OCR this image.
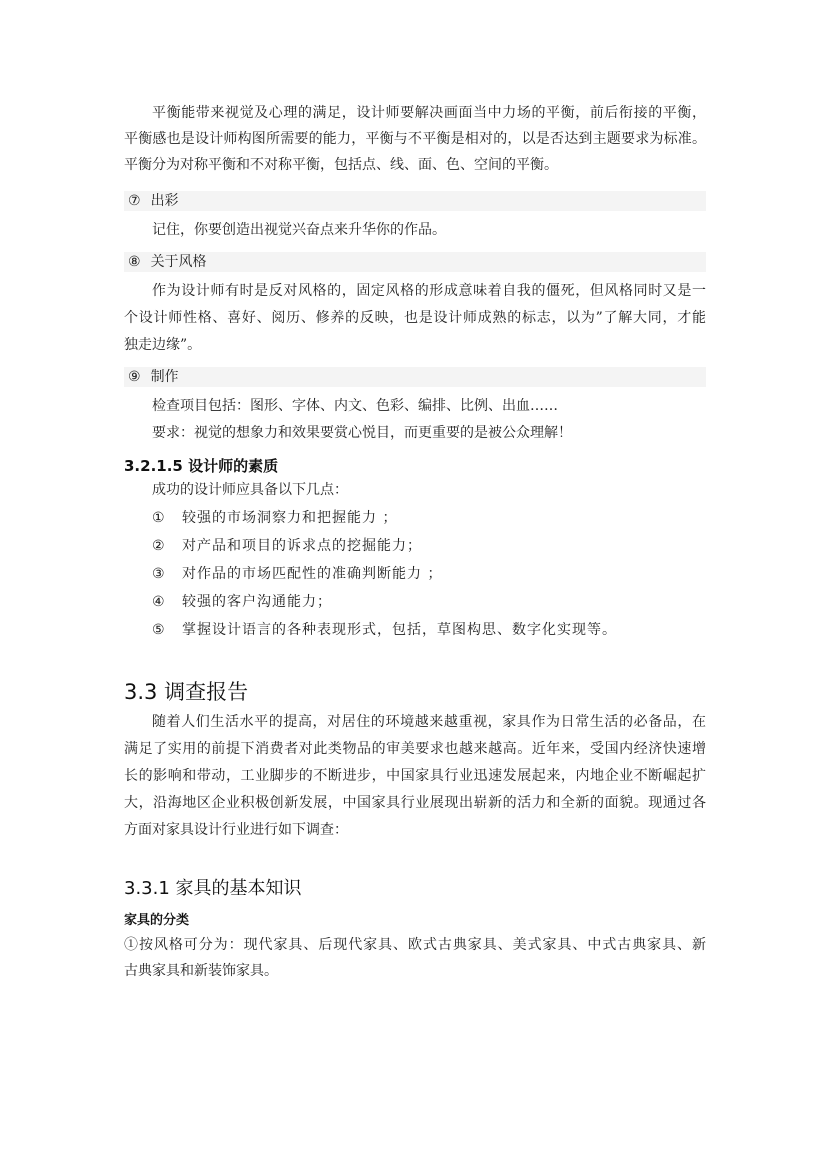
平衡能带来视觉及心理的满足，设计师要解决画面当中力场的平衡，前后衔接的平衡，
平衡感也是设计师构图所需要的能力，平衡与不平衡是相对的，以是否达到主题要求为标准。
平衡分为对称平衡和不对称平衡，包括点、线、面、色、空间的平衡。
⑦ 出彩
记住，你要创造出视觉兴奋点来升华你的作品。
⑧ 关于风格
作为设计师有时是反对风格的，固定风格的形成意味着自我的僵死，但风格同时又是一
个设计师性格、喜好、阅历、修养的反映，也是设计师成熟的标志，以为”了解大同，才能
独走边缘”。
⑨ 制作
检查项目包括：图形、字体、内文、色彩、编排、比例、出血……
要求：视觉的想象力和效果要赏心悦目，而更重要的是被公众理解！
3.2.1.5 设计师的素质
成功的设计师应具备以下几点：
① 较强的市场洞察力和把握能力 ；
② 对产品和项目的诉求点的挖掘能力；
③ 对作品的市场匹配性的准确判断能力 ；
④ 较强的客户沟通能力；
⑤ 掌握设计语言的各种表现形式，包括，草图构思、数字化实现等。
3.3 调查报告
随着人们生活水平的提高，对居住的环境越来越重视，家具作为日常生活的必备品，在
满足了实用的前提下消费者对此类物品的审美要求也越来越高。近年来，受国内经济快速增
长的影响和带动，工业脚步的不断进步，中国家具行业迅速发展起来，内地企业不断崛起扩
大，沿海地区企业积极创新发展，中国家具行业展现出崭新的活力和全新的面貌。现通过各
方面对家具设计行业进行如下调查：
3.3.1 家具的基本知识
家具的分类
①按风格可分为：现代家具、后现代家具、欧式古典家具、美式家具、中式古典家具、新
古典家具和新装饰家具。
